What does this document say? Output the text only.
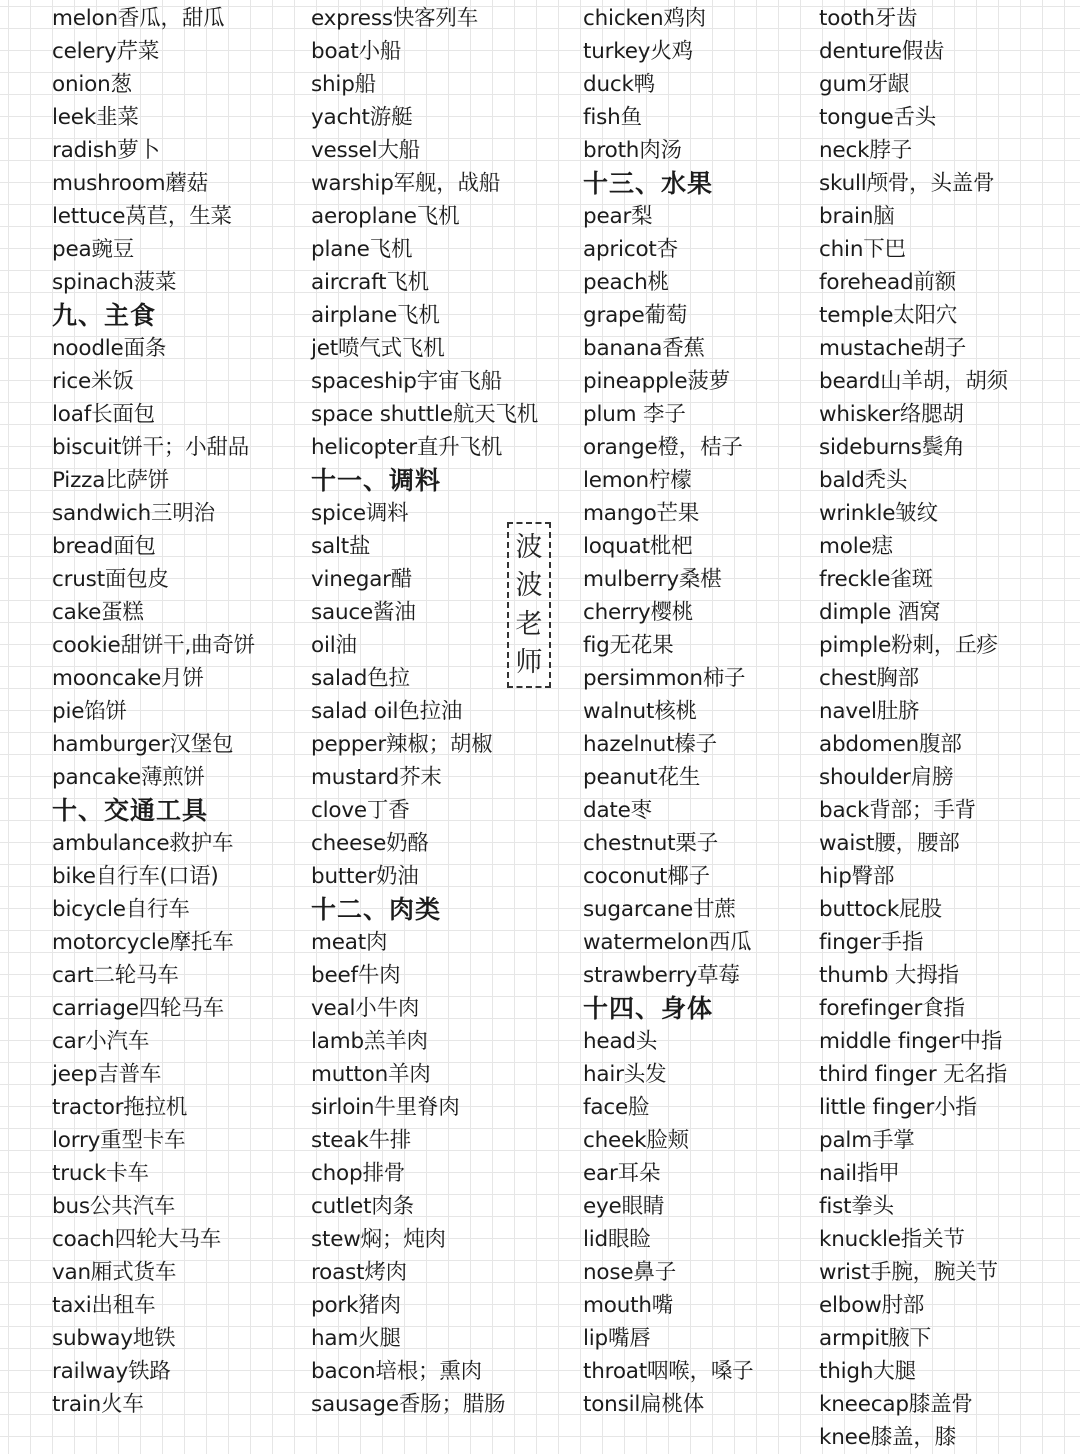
melon香瓜，甜瓜
celery芹菜
onion葱
leek韭菜
radish萝卜
mushroom蘑菇
lettuce莴苣，生菜
pea豌豆
spinach菠菜
九、主食
noodle面条
rice米饭
loaf长面包
biscuit饼干；小甜品
Pizza比萨饼
sandwich三明治
bread面包
crust面包皮
cake蛋糕
cookie甜饼干,曲奇饼
mooncake月饼
pie馅饼
hamburger汉堡包
pancake薄煎饼
十、交通工具
ambulance救护车
bike自行车(口语)
bicycle自行车
motorcycle摩托车
cart二轮马车
carriage四轮马车
car小汽车
jeep吉普车
tractor拖拉机
lorry重型卡车
truck卡车
bus公共汽车
coach四轮大马车
van厢式货车
taxi出租车
subway地铁
railway铁路
train火车
express快客列车
boat小船
ship船
yacht游艇
vessel大船
warship军舰，战船
aeroplane飞机
plane飞机
aircraft飞机
airplane飞机
jet喷气式飞机
spaceship宇宙飞船
space shuttle航天飞机
helicopter直升飞机
十一、调料
spice调料
salt盐
vinegar醋
sauce酱油
oil油
salad色拉
salad oil色拉油
pepper辣椒；胡椒
mustard芥末
clove丁香
cheese奶酪
butter奶油
十二、肉类
meat肉
beef牛肉
veal小牛肉
lamb羔羊肉
mutton羊肉
sirloin牛里脊肉
steak牛排
chop排骨
cutlet肉条
stew焖；炖肉
roast烤肉
pork猪肉
ham火腿
bacon培根；熏肉
sausage香肠；腊肠
chicken鸡肉
turkey火鸡
duck鸭
fish鱼
broth肉汤
十三、水果
pear梨
apricot杏
peach桃
grape葡萄
banana香蕉
pineapple菠萝
plum 李子
orange橙，桔子
lemon柠檬
mango芒果
loquat枇杷
mulberry桑椹
cherry樱桃
fig无花果
persimmon柿子
walnut核桃
hazelnut榛子
peanut花生
date枣
chestnut栗子
coconut椰子
sugarcane甘蔗
watermelon西瓜
strawberry草莓
十四、身体
head头
hair头发
face脸
cheek脸颊
ear耳朵
eye眼睛
lid眼睑
nose鼻子
mouth嘴
lip嘴唇
throat咽喉，嗓子
tonsil扁桃体
tooth牙齿
denture假齿
gum牙龈
tongue舌头
neck脖子
skull颅骨，头盖骨
brain脑
chin下巴
forehead前额
temple太阳穴
mustache胡子
beard山羊胡，胡须
whisker络腮胡
sideburns鬓角
bald秃头
wrinkle皱纹
mole痣
freckle雀斑
dimple 酒窝
pimple粉刺，丘疹
chest胸部
navel肚脐
abdomen腹部
shoulder肩膀
back背部；手背
waist腰，腰部
hip臀部
buttock屁股
finger手指
thumb 大拇指
forefinger食指
middle finger中指
third finger 无名指
little finger小指
palm手掌
nail指甲
fist拳头
knuckle指关节
wrist手腕，腕关节
elbow肘部
armpit腋下
thigh大腿
kneecap膝盖骨
knee膝盖，膝
波
波
老
师
